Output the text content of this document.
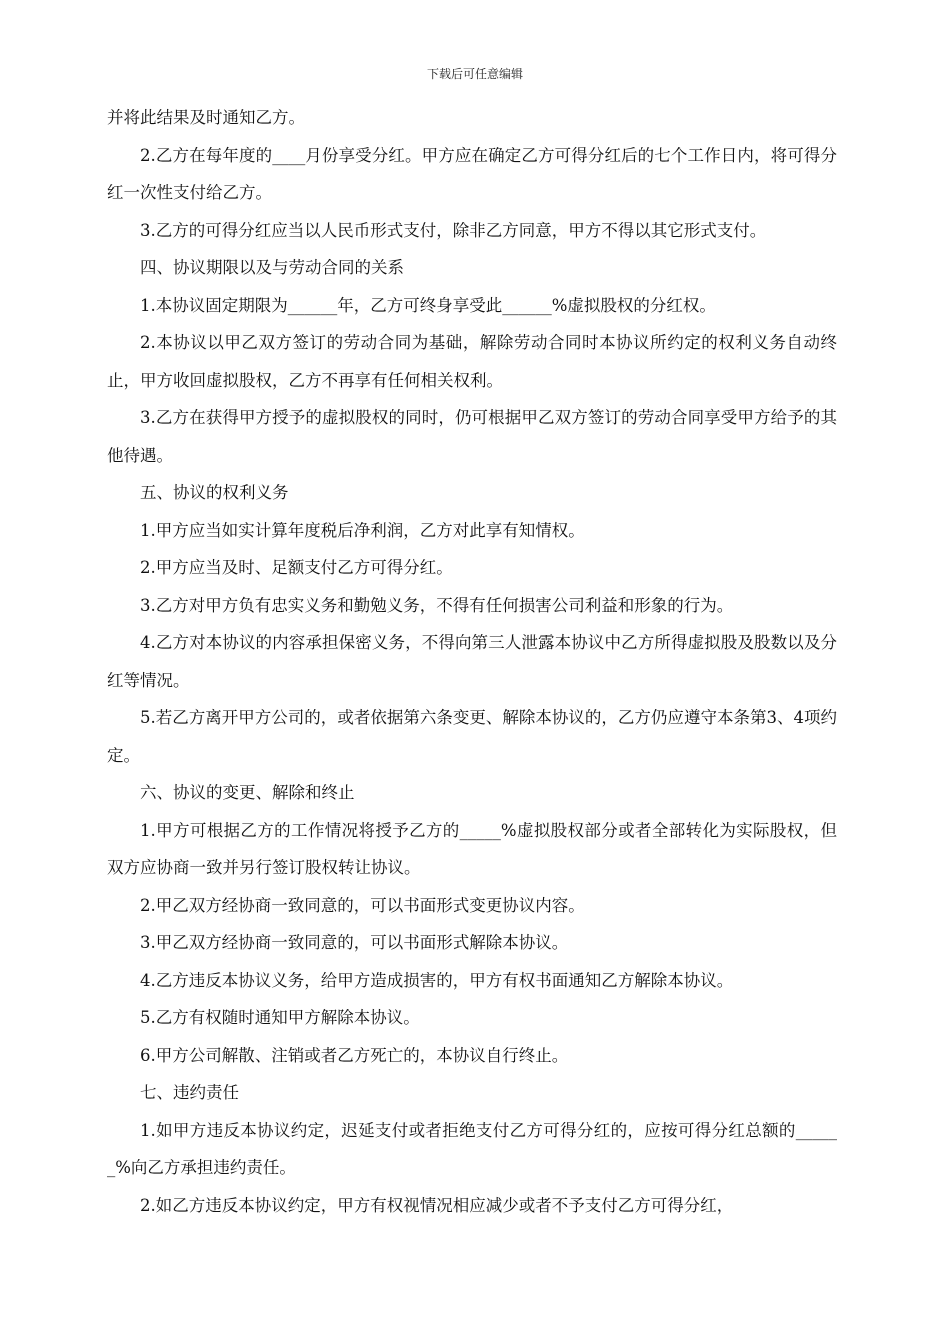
下载后可任意编辑

并将此结果及时通知乙方。

2.乙方在每年度的____月份享受分红。甲方应在确定乙方可得分红后的七个工作日内，将可得分红一次性支付给乙方。

3.乙方的可得分红应当以人民币形式支付，除非乙方同意，甲方不得以其它形式支付。

四、协议期限以及与劳动合同的关系

1.本协议固定期限为______年，乙方可终身享受此______%虚拟股权的分红权。

2.本协议以甲乙双方签订的劳动合同为基础，解除劳动合同时本协议所约定的权利义务自动终止，甲方收回虚拟股权，乙方不再享有任何相关权利。

3.乙方在获得甲方授予的虚拟股权的同时，仍可根据甲乙双方签订的劳动合同享受甲方给予的其他待遇。

五、协议的权利义务

1.甲方应当如实计算年度税后净利润，乙方对此享有知情权。

2.甲方应当及时、足额支付乙方可得分红。

3.乙方对甲方负有忠实义务和勤勉义务，不得有任何损害公司利益和形象的行为。

4.乙方对本协议的内容承担保密义务，不得向第三人泄露本协议中乙方所得虚拟股及股数以及分红等情况。

5.若乙方离开甲方公司的，或者依据第六条变更、解除本协议的，乙方仍应遵守本条第3、4项约定。

六、协议的变更、解除和终止

1.甲方可根据乙方的工作情况将授予乙方的_____%虚拟股权部分或者全部转化为实际股权，但双方应协商一致并另行签订股权转让协议。

2.甲乙双方经协商一致同意的，可以书面形式变更协议内容。

3.甲乙双方经协商一致同意的，可以书面形式解除本协议。

4.乙方违反本协议义务，给甲方造成损害的，甲方有权书面通知乙方解除本协议。

5.乙方有权随时通知甲方解除本协议。

6.甲方公司解散、注销或者乙方死亡的，本协议自行终止。

七、违约责任

1.如甲方违反本协议约定，迟延支付或者拒绝支付乙方可得分红的，应按可得分红总额的______%向乙方承担违约责任。

2.如乙方违反本协议约定，甲方有权视情况相应减少或者不予支付乙方可得分红，
